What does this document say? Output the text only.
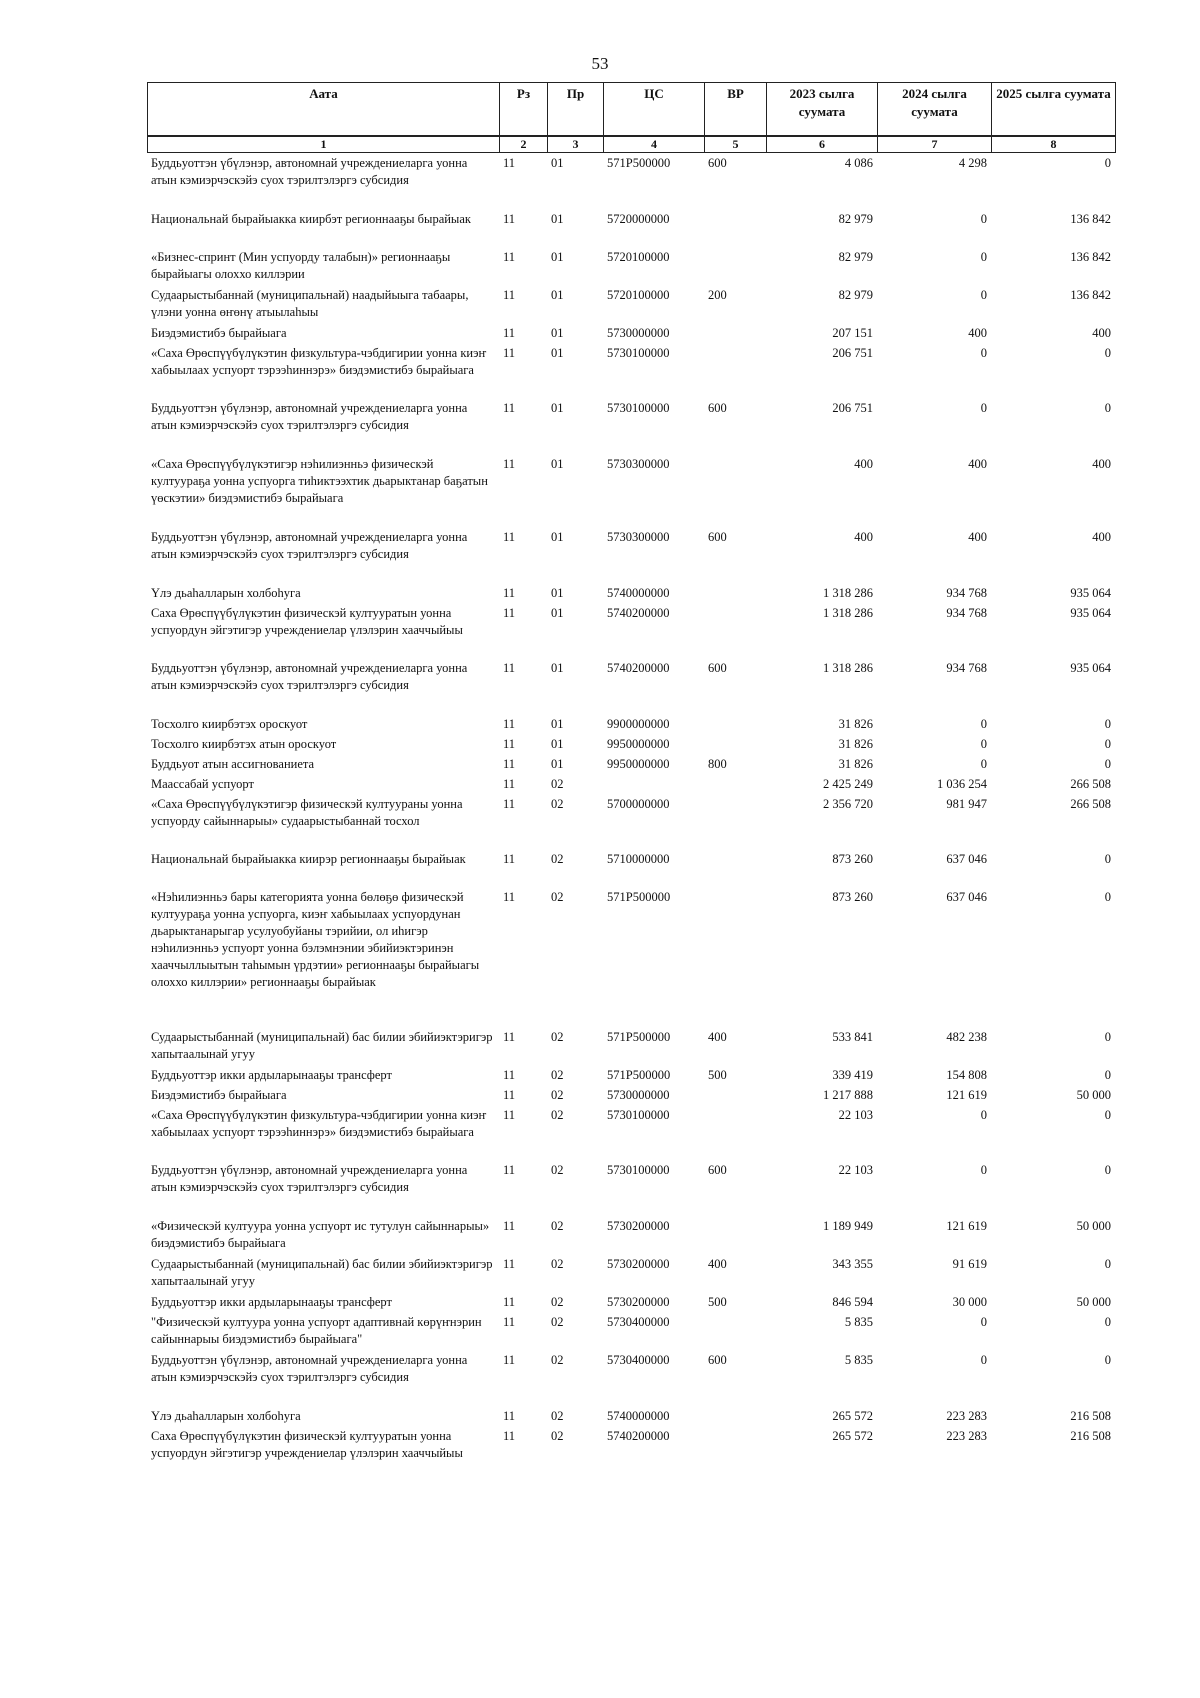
53
Аата	Рз	Пр	ЦС	ВР	2023 сылга суумата	2024 сылга суумата	2025 сылга суумата
1	2	3	4	5	6	7	8
Буддьуоттэн үбүлэнэр, автономнай учреждениеларга уонна атын кэмиэрчэскэйэ суох тэрилтэлэргэ субсидия	11	01	571P500000	600	4 086	4 298	0
Национальнай бырайыакка киирбэт регионнааҕы бырайыак	11	01	5720000000		82 979	0	136 842
«Бизнес-спринт (Мин успуорду талабын)» регионнааҕы бырайыагы олоххо киллэрии	11	01	5720100000		82 979	0	136 842
Судаарыстыбаннай (муниципальнай) наадыйыыга табаары, үлэни уонна өҥөнү атыылаһыы	11	01	5720100000	200	82 979	0	136 842
Биэдэмистибэ бырайыага	11	01	5730000000		207 151	400	400
«Саха Өрөспүүбүлүкэтин физкультура-чэбдигирии уонна киэҥ хабыылаах успуорт тэрээһиннэрэ» биэдэмистибэ бырайыага	11	01	5730100000		206 751	0	0
Буддьуоттэн үбүлэнэр, автономнай учреждениеларга уонна атын кэмиэрчэскэйэ суох тэрилтэлэргэ субсидия	11	01	5730100000	600	206 751	0	0
«Саха Өрөспүүбүлүкэтигэр нэһилиэнньэ физическэй култуураҕа уонна успуорга тиһиктээхтик дьарыктанар баҕатын үөскэтии» биэдэмистибэ бырайыага	11	01	5730300000		400	400	400
Буддьуоттэн үбүлэнэр, автономнай учреждениеларга уонна атын кэмиэрчэскэйэ суох тэрилтэлэргэ субсидия	11	01	5730300000	600	400	400	400
Үлэ дьаһалларын холбоһуга	11	01	5740000000		1 318 286	934 768	935 064
Саха Өрөспүүбүлүкэтин физическэй култууратын уонна успуордун эйгэтигэр учреждениелар үлэлэрин хааччыйыы	11	01	5740200000		1 318 286	934 768	935 064
Буддьуоттэн үбүлэнэр, автономнай учреждениеларга уонна атын кэмиэрчэскэйэ суох тэрилтэлэргэ субсидия	11	01	5740200000	600	1 318 286	934 768	935 064
Тосхолго киирбэтэх ороскуот	11	01	9900000000		31 826	0	0
Тосхолго киирбэтэх атын ороскуот	11	01	9950000000		31 826	0	0
Буддьуот атын ассигнованиета	11	01	9950000000	800	31 826	0	0
Маассабай успуорт	11	02			2 425 249	1 036 254	266 508
«Саха Өрөспүүбүлүкэтигэр физическэй култуураны уонна успуорду сайыннарыы» судаарыстыбаннай тосхол	11	02	5700000000		2 356 720	981 947	266 508
Национальнай бырайыакка киирэр регионнааҕы бырайыак	11	02	5710000000		873 260	637 046	0
«Нэһилиэнньэ бары категорията уонна бөлөҕө физическэй култуураҕа уонна успуорга, киэҥ хабыылаах успуордунан дьарыктанарыгар усулуобуйаны тэрийии, ол иһигэр нэһилиэнньэ успуорт уонна бэлэмнэнии эбийиэктэринэн хааччыллыытын таһымын үрдэтии» регионнааҕы бырайыагы олоххо киллэрии» регионнааҕы бырайыак	11	02	571P500000		873 260	637 046	0
Судаарыстыбаннай (муниципальнай) бас билии эбийиэктэригэр хапытаалынай угуу	11	02	571P500000	400	533 841	482 238	0
Буддьуоттэр икки ардыларынааҕы трансферт	11	02	571P500000	500	339 419	154 808	0
Биэдэмистибэ бырайыага	11	02	5730000000		1 217 888	121 619	50 000
«Саха Өрөспүүбүлүкэтин физкультура-чэбдигирии уонна киэҥ хабыылаах успуорт тэрээһиннэрэ» биэдэмистибэ бырайыага	11	02	5730100000		22 103	0	0
Буддьуоттэн үбүлэнэр, автономнай учреждениеларга уонна атын кэмиэрчэскэйэ суох тэрилтэлэргэ субсидия	11	02	5730100000	600	22 103	0	0
«Физическэй култуура уонна успуорт ис тутулун сайыннарыы» биэдэмистибэ бырайыага	11	02	5730200000		1 189 949	121 619	50 000
Судаарыстыбаннай (муниципальнай) бас билии эбийиэктэригэр хапытаалынай угуу	11	02	5730200000	400	343 355	91 619	0
Буддьуоттэр икки ардыларынааҕы трансферт	11	02	5730200000	500	846 594	30 000	50 000
"Физическэй култуура уонна успуорт адаптивнай көрүҥнэрин сайыннарыы биэдэмистибэ бырайыага"	11	02	5730400000		5 835	0	0
Буддьуоттэн үбүлэнэр, автономнай учреждениеларга уонна атын кэмиэрчэскэйэ суох тэрилтэлэргэ субсидия	11	02	5730400000	600	5 835	0	0
Үлэ дьаһалларын холбоһуга	11	02	5740000000		265 572	223 283	216 508
Саха Өрөспүүбүлүкэтин физическэй култууратын уонна успуордун эйгэтигэр учреждениелар үлэлэрин хааччыйыы	11	02	5740200000		265 572	223 283	216 508
